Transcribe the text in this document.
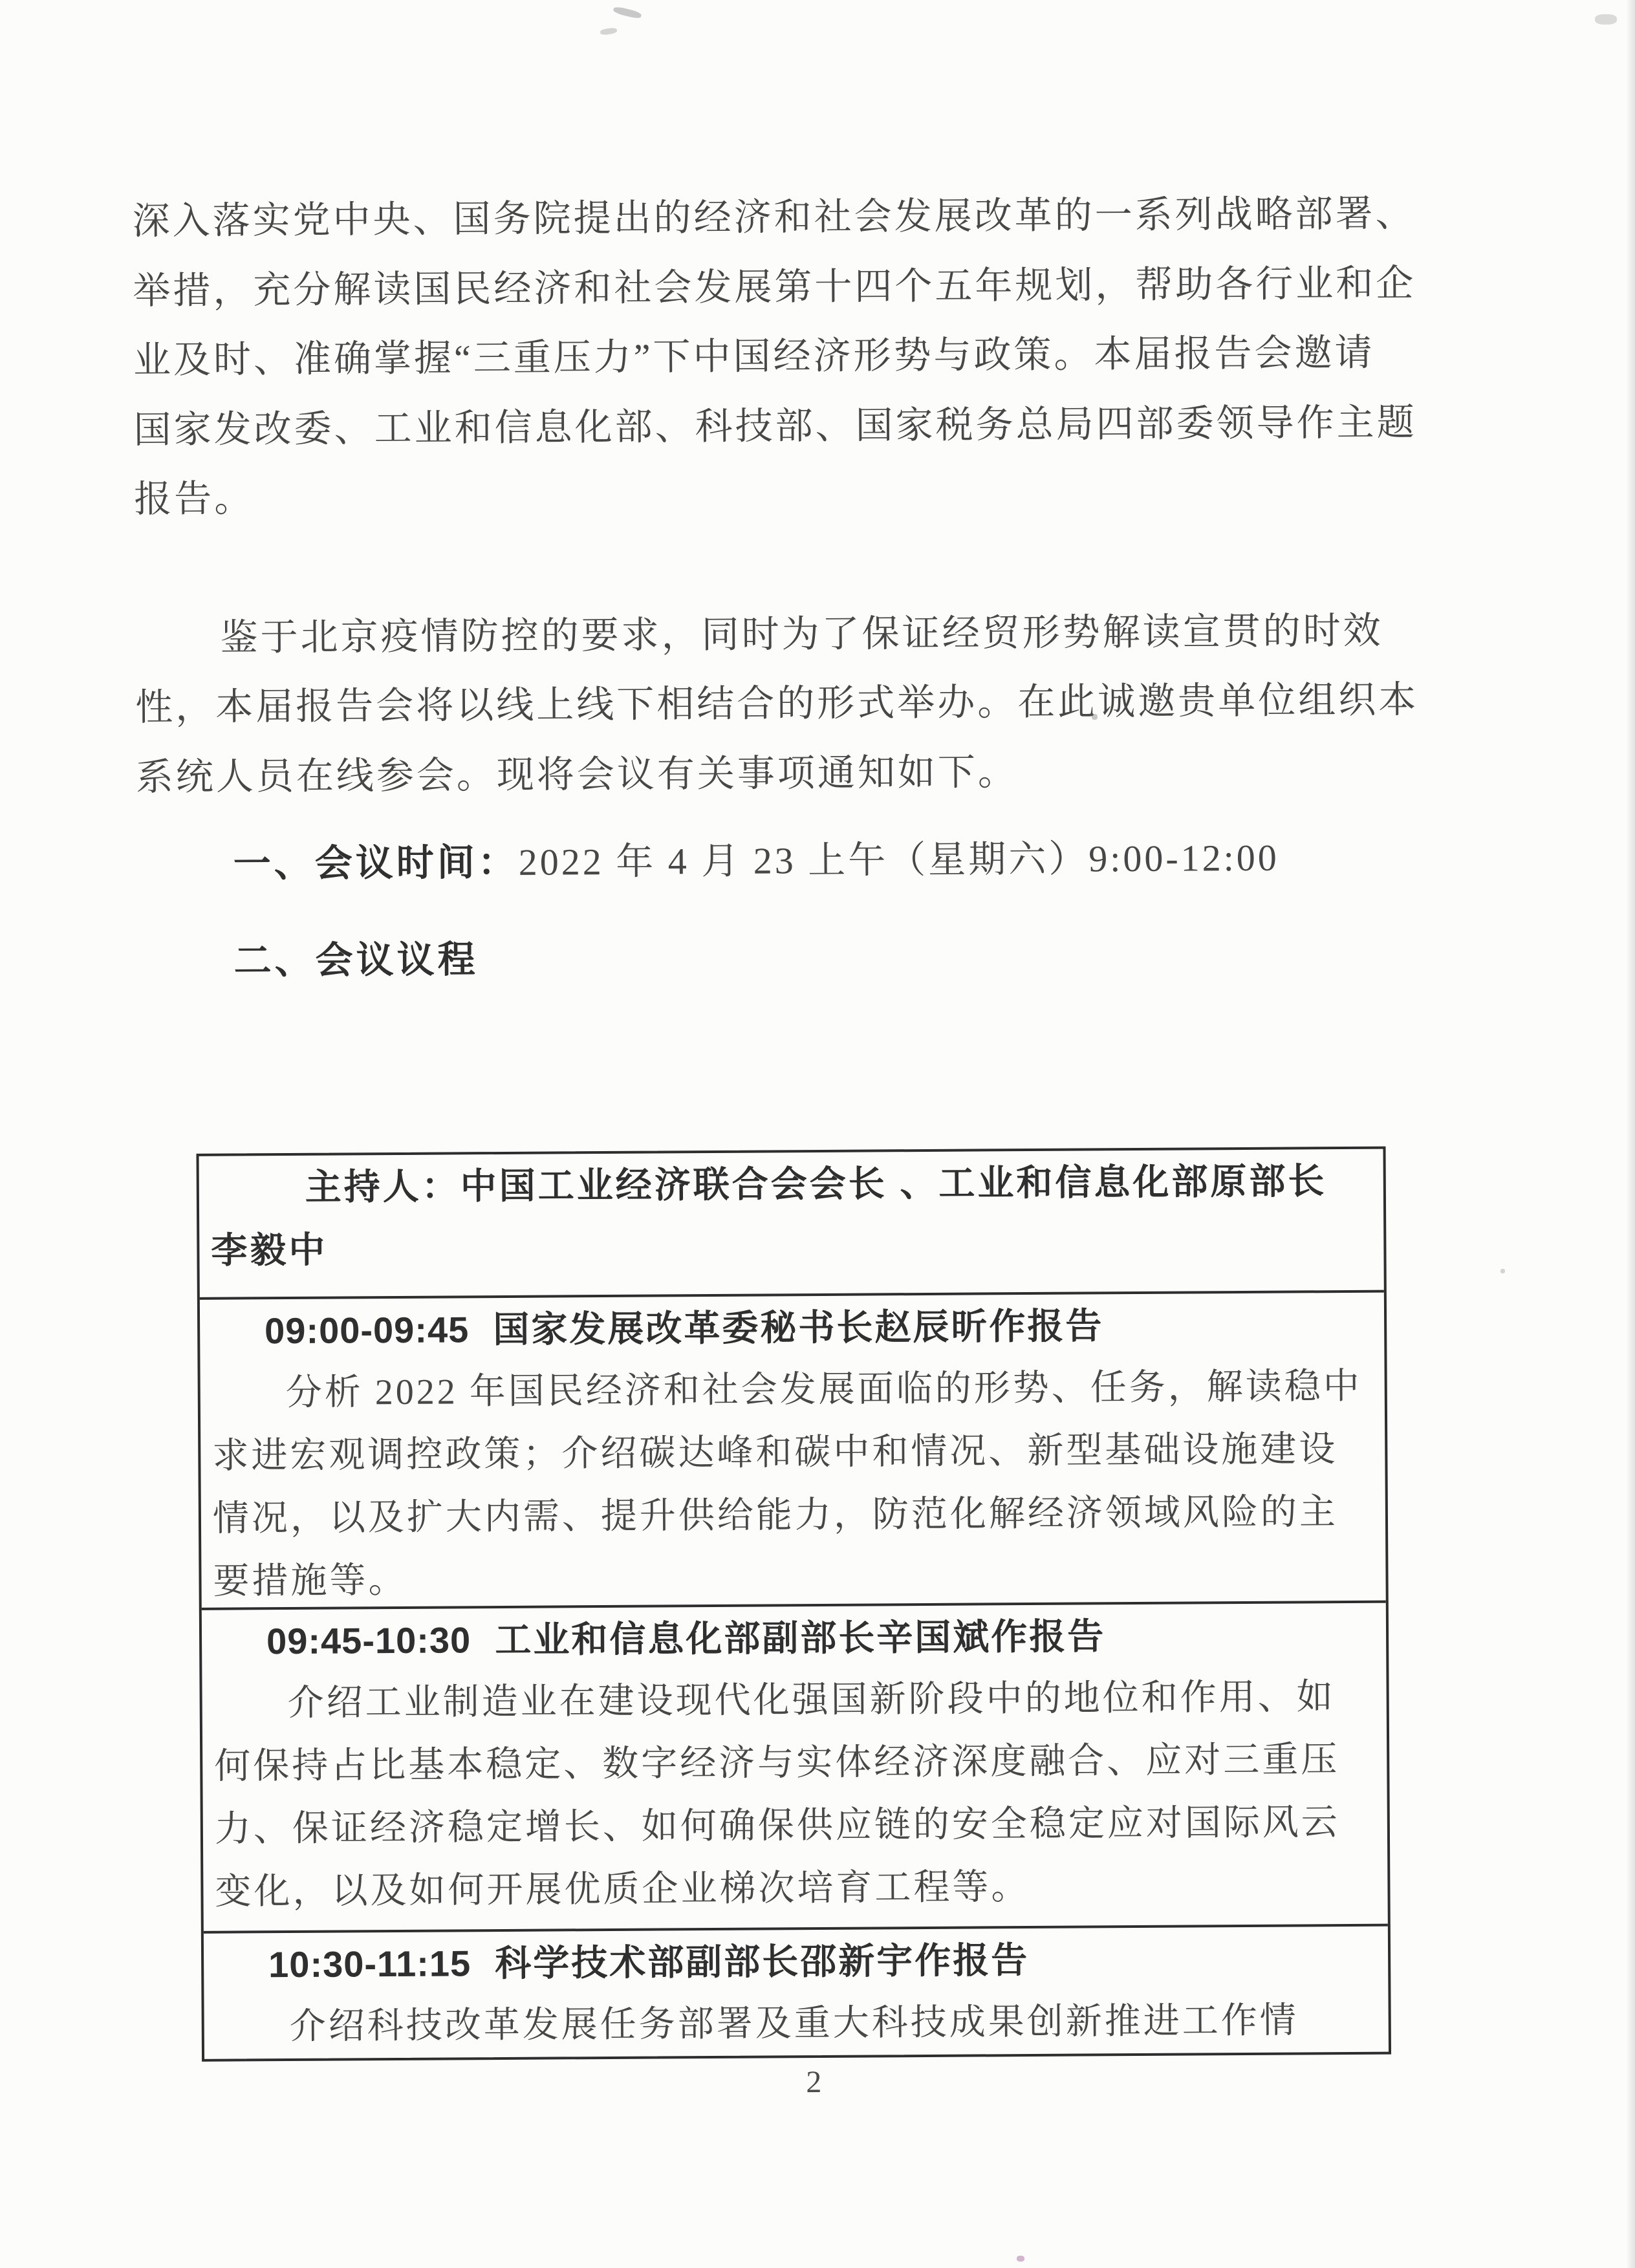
深入落实党中央、国务院提出的经济和社会发展改革的一系列战略部署、
举措，充分解读国民经济和社会发展第十四个五年规划，帮助各行业和企
业及时、准确掌握“三重压力”下中国经济形势与政策。本届报告会邀请
国家发改委、工业和信息化部、科技部、国家税务总局四部委领导作主题
报告。
鉴于北京疫情防控的要求，同时为了保证经贸形势解读宣贯的时效
性，本届报告会将以线上线下相结合的形式举办。在此诚邀贵单位组织本
系统人员在线参会。现将会议有关事项通知如下。
一、会议时间：2022 年 4 月 23 上午（星期六）9:00-12:00
二、会议议程
主持人：中国工业经济联合会会长 、工业和信息化部原部长
李毅中
09:00-09:45 国家发展改革委秘书长赵辰昕作报告
分析 2022 年国民经济和社会发展面临的形势、任务，解读稳中
求进宏观调控政策；介绍碳达峰和碳中和情况、新型基础设施建设
情况，以及扩大内需、提升供给能力，防范化解经济领域风险的主
要措施等。
09:45-10:30 工业和信息化部副部长辛国斌作报告
介绍工业制造业在建设现代化强国新阶段中的地位和作用、如
何保持占比基本稳定、数字经济与实体经济深度融合、应对三重压
力、保证经济稳定增长、如何确保供应链的安全稳定应对国际风云
变化，以及如何开展优质企业梯次培育工程等。
10:30-11:15 科学技术部副部长邵新宇作报告
介绍科技改革发展任务部署及重大科技成果创新推进工作情
2
